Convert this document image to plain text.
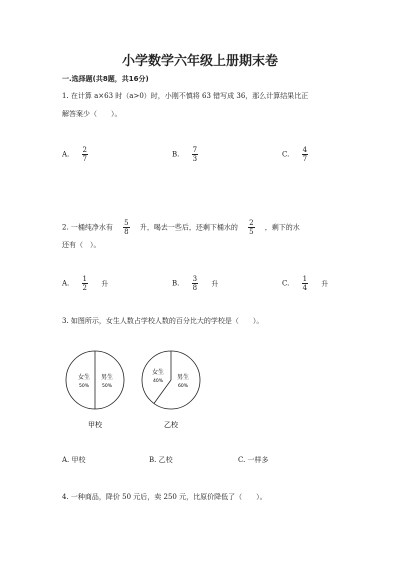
小学数学六年级上册期末卷
一.选择题(共8题，共16分)
1. 在计算 a×63 时（a>0）时，小刚不慎将 63 错写成 36，那么计算结果比正
解答案少（　　）。
A. $\frac{2}{7}$	B. $\frac{7}{3}$	C. $\frac{4}{7}$
2. 一桶纯净水有 $\frac{5}{8}$ 升，喝去一些后，还剩下桶水的 $\frac{2}{5}$ ，剩下的水
还有（　）。
A. $\frac{1}{2}$ 升	B. $\frac{3}{8}$ 升	C. $\frac{1}{4}$ 升
3. 如图所示，女生人数占学校人数的百分比大的学校是（　　）。
女生
50%
男生
50%
甲校
女生
40%
男生
60%
乙校
A. 甲校	B. 乙校	C. 一样多
4. 一种商品，降价 50 元后，卖 250 元，比原价降低了（　　）。
